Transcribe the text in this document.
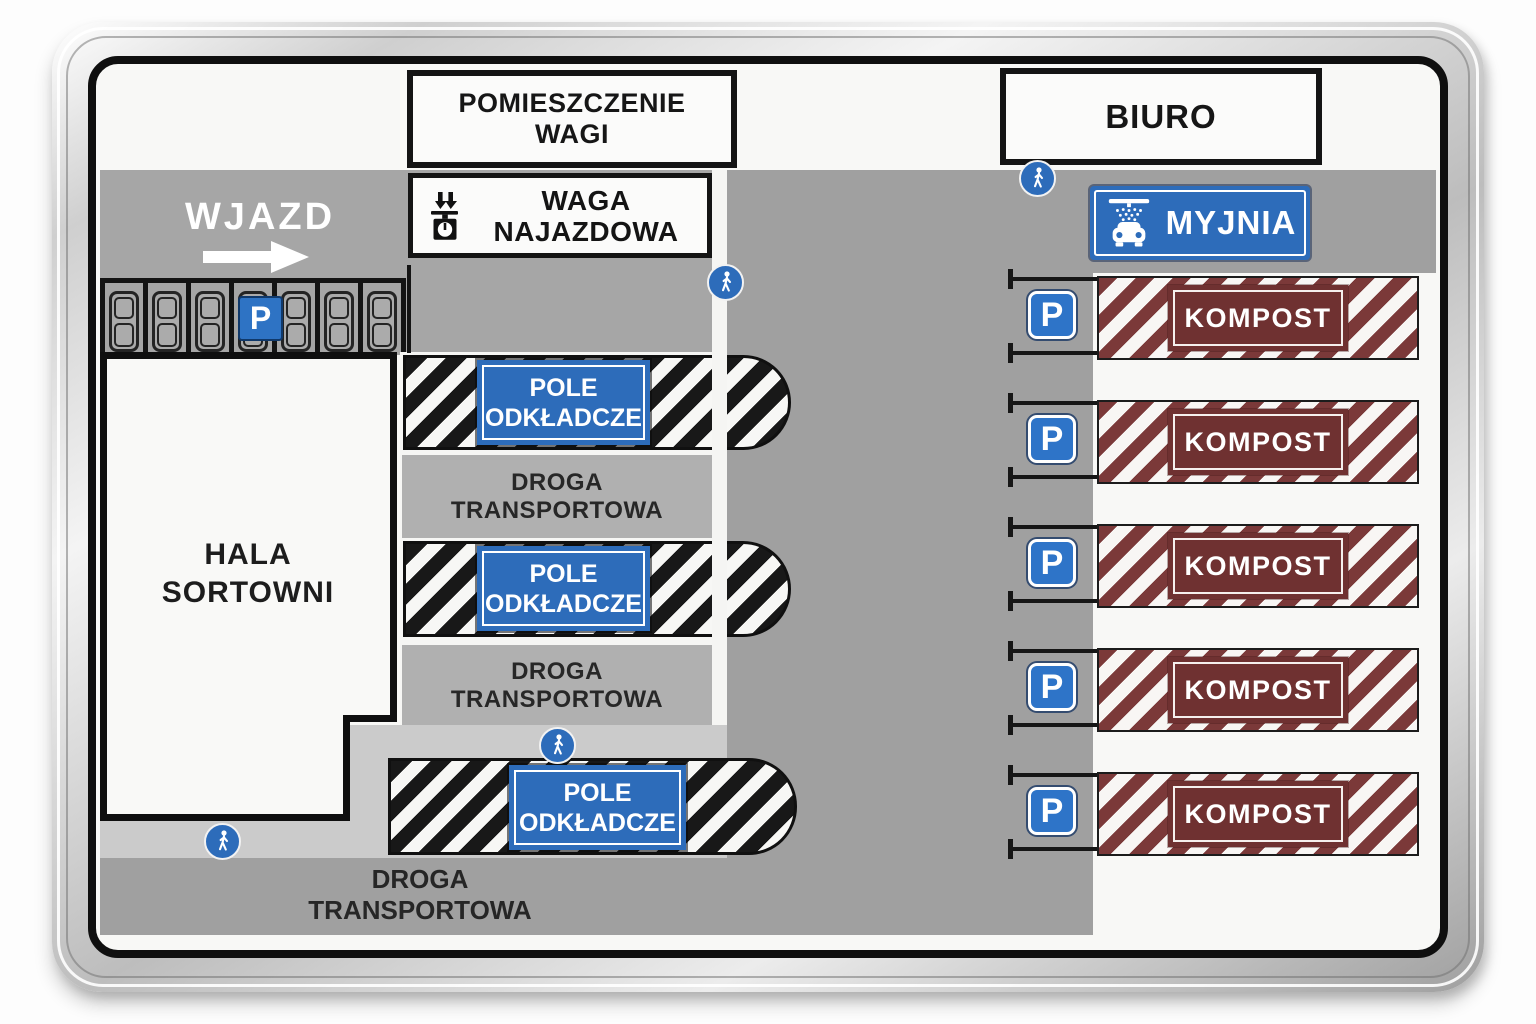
DROGA
TRANSPORTOWA
DROGA
TRANSPORTOWA
POLE
ODKŁADCZE
POLE
ODKŁADCZE
POLE
ODKŁADCZE
HALA
SORTOWNI
P
WJAZD	WAGA
NAJAZDOWA
POMIESZCZENIE
WAGI	BIURO
DROGA
TRANSPORTOWA
KOMPOST
KOMPOST
KOMPOST
KOMPOST
KOMPOST
P
P
P
P
P
MYJNIA
